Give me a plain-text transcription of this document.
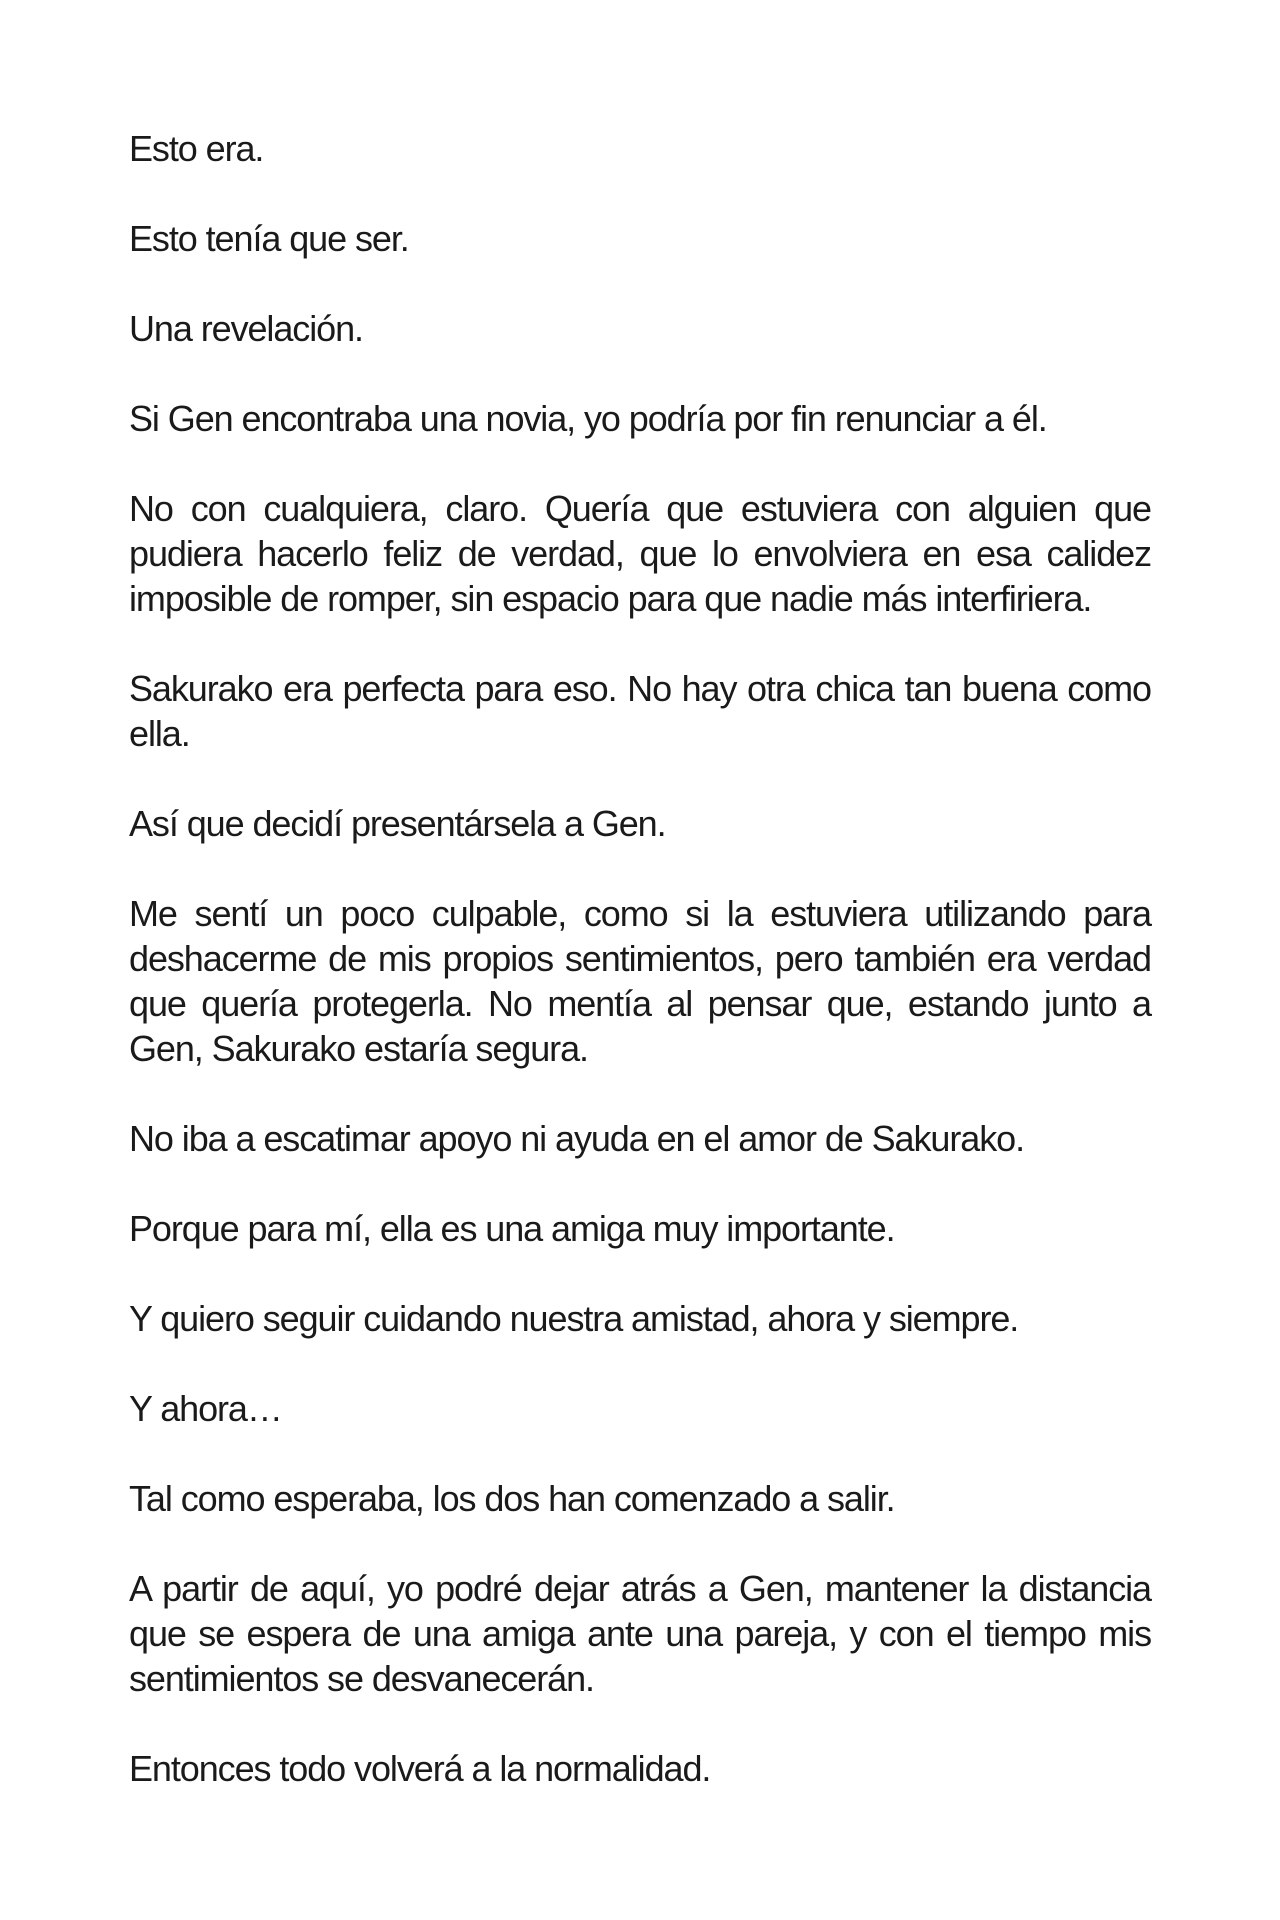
Esto era.

Esto tenía que ser.

Una revelación.

Si Gen encontraba una novia, yo podría por fin renunciar a él.

No con cualquiera, claro. Quería que estuviera con alguien que pudiera hacerlo feliz de verdad, que lo envolviera en esa calidez imposible de romper, sin espacio para que nadie más interfiriera.

Sakurako era perfecta para eso. No hay otra chica tan buena como ella.

Así que decidí presentársela a Gen.

Me sentí un poco culpable, como si la estuviera utilizando para deshacerme de mis propios sentimientos, pero también era verdad que quería protegerla. No mentía al pensar que, estando junto a Gen, Sakurako estaría segura.

No iba a escatimar apoyo ni ayuda en el amor de Sakurako.

Porque para mí, ella es una amiga muy importante.

Y quiero seguir cuidando nuestra amistad, ahora y siempre.

Y ahora…

Tal como esperaba, los dos han comenzado a salir.

A partir de aquí, yo podré dejar atrás a Gen, mantener la distancia que se espera de una amiga ante una pareja, y con el tiempo mis sentimientos se desvanecerán.

Entonces todo volverá a la normalidad.
